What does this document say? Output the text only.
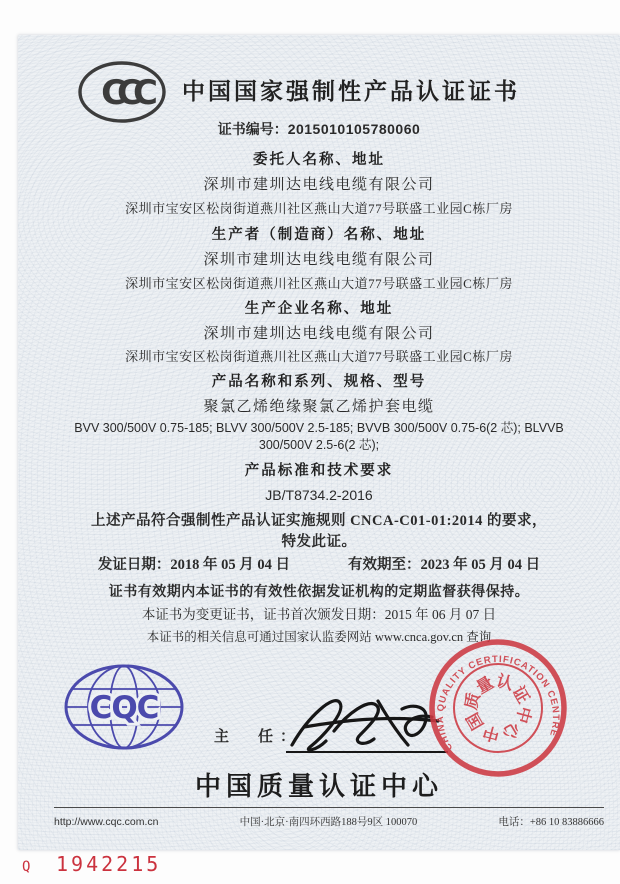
CCC	中国国家强制性产品认证证书
证书编号：2015010105780060
委托人名称、地址
深圳市建圳达电线电缆有限公司
深圳市宝安区松岗街道燕川社区燕山大道77号联盛工业园C栋厂房
生产者（制造商）名称、地址
深圳市建圳达电线电缆有限公司
深圳市宝安区松岗街道燕川社区燕山大道77号联盛工业园C栋厂房
生产企业名称、地址
深圳市建圳达电线电缆有限公司
深圳市宝安区松岗街道燕川社区燕山大道77号联盛工业园C栋厂房
产品名称和系列、规格、型号
聚氯乙烯绝缘聚氯乙烯护套电缆
BVV 300/500V 0.75-185; BLVV 300/500V 2.5-185; BVVB 300/500V 0.75-6(2 芯); BLVVB
300/500V 2.5-6(2 芯);
产品标准和技术要求
JB/T8734.2-2016
上述产品符合强制性产品认证实施规则 CNCA-C01-01:2014 的要求，
特发此证。
发证日期：2018 年 05 月 04 日	有效期至：2023 年 05 月 04 日
证书有效期内本证书的有效性依据发证机构的定期监督获得保持。
本证书为变更证书，证书首次颁发日期：2015 年 06 月 07 日
本证书的相关信息可通过国家认监委网站 www.cnca.gov.cn 查询
CQC
主　任：
CHINA QUALITY CERTIFICATION CENTRE
中
国
质
量
认
证
中
心
中国质量认证中心
http://www.cqc.com.cn	中国·北京·南四环西路188号9区 100070	电话：+86 10 83886666
Q 1942215
